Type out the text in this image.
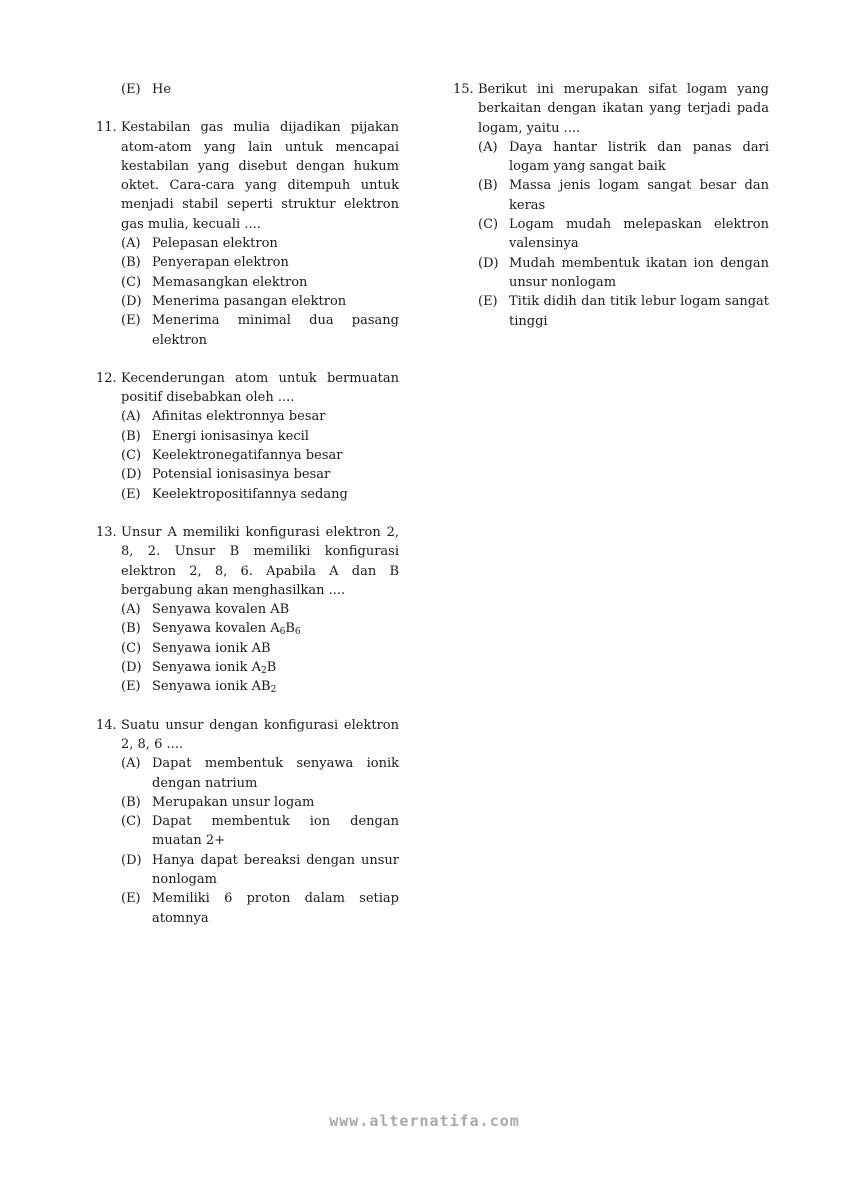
(E) He
11. Kestabilan gas mulia dijadikan pijakan atom-atom yang lain untuk mencapai kestabilan yang disebut dengan hukum oktet. Cara-cara yang ditempuh untuk menjadi stabil seperti struktur elektron gas mulia, kecuali ....
(A) Pelepasan elektron
(B) Penyerapan elektron
(C) Memasangkan elektron
(D) Menerima pasangan elektron
(E) Menerima minimal dua pasang elektron
12. Kecenderungan atom untuk bermuatan positif disebabkan oleh ....
(A) Afinitas elektronnya besar
(B) Energi ionisasinya kecil
(C) Keelektronegatifannya besar
(D) Potensial ionisasinya besar
(E) Keelektropositifannya sedang
13. Unsur A memiliki konfigurasi elektron 2, 8, 2. Unsur B memiliki konfigurasi elektron 2, 8, 6. Apabila A dan B bergabung akan menghasilkan ....
(A) Senyawa kovalen AB
(B) Senyawa kovalen $A_6B_6$
(C) Senyawa ionik AB
(D) Senyawa ionik $A_2B$
(E) Senyawa ionik $AB_2$
14. Suatu unsur dengan konfigurasi elektron 2, 8, 6 ....
(A) Dapat membentuk senyawa ionik dengan natrium
(B) Merupakan unsur logam
(C) Dapat membentuk ion dengan muatan 2+
(D) Hanya dapat bereaksi dengan unsur nonlogam
(E) Memiliki 6 proton dalam setiap atomnya
15. Berikut ini merupakan sifat logam yang berkaitan dengan ikatan yang terjadi pada logam, yaitu ....
(A) Daya hantar listrik dan panas dari logam yang sangat baik
(B) Massa jenis logam sangat besar dan keras
(C) Logam mudah melepaskan elektron valensinya
(D) Mudah membentuk ikatan ion dengan unsur nonlogam
(E) Titik didih dan titik lebur logam sangat tinggi
www.alternatifa.com
